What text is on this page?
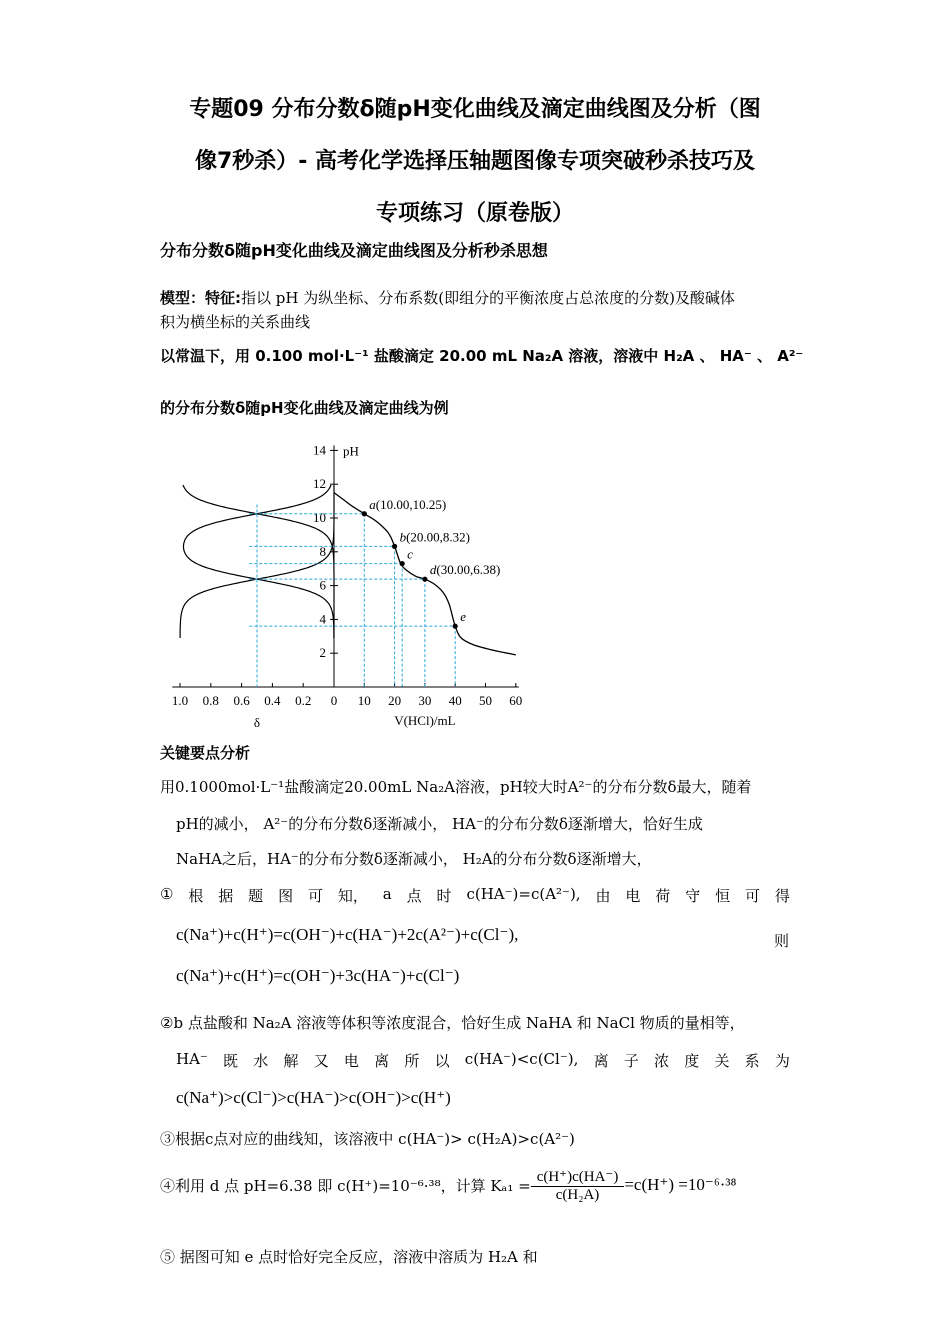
专题09 分布分数δ随pH变化曲线及滴定曲线图及分析（图
像7秒杀）- 高考化学选择压轴题图像专项突破秒杀技巧及
专项练习（原卷版）
分布分数δ随pH变化曲线及滴定曲线图及分析秒杀思想
模型：特征:指以 pH 为纵坐标、分布系数(即组分的平衡浓度占总浓度的分数)及酸碱体
积为横坐标的关系曲线
以常温下，用 0.100 mol·L⁻¹ 盐酸滴定 20.00 mL Na₂A 溶液，溶液中 H₂A 、 HA⁻ 、 A²⁻
的分布分数δ随pH变化曲线及滴定曲线为例
2
4
6
8
10
12
14 pH
1.0 0.8 0.6 0.4 0.2 0 10 20 30 40 50 60
δ	V(HCl)/mL
a(10.00,10.25)
b(20.00,8.32)
c
d(30.00,6.38)
e
关键要点分析
用0.1000mol·L⁻¹盐酸滴定20.00mL Na₂A溶液，pH较大时A²⁻的分布分数δ最大，随着
pH的减小， A²⁻的分布分数δ逐渐减小， HA⁻的分布分数δ逐渐增大，恰好生成
NaHA之后，HA⁻的分布分数δ逐渐减小， H₂A的分布分数δ逐渐增大，
① 根 据 题 图 可 知， a 点 时 c(HA⁻)=c(A²⁻), 由 电 荷 守 恒 可 得
c(Na⁺)+c(H⁺)=c(OH⁻)+c(HA⁻)+2c(A²⁻)+c(Cl⁻),	则
c(Na⁺)+c(H⁺)=c(OH⁻)+3c(HA⁻)+c(Cl⁻)
②b 点盐酸和 Na₂A 溶液等体积等浓度混合，恰好生成 NaHA 和 NaCl 物质的量相等，
HA⁻ 既 水 解 又 电 离 所 以 c(HA⁻)<c(Cl⁻), 离 子 浓 度 关 系 为
c(Na⁺)>c(Cl⁻)>c(HA⁻)>c(OH⁻)>c(H⁺)
③根据c点对应的曲线知，该溶液中 c(HA⁻)> c(H₂A)>c(A²⁻)
④利用 d 点 pH=6.38 即 c(H⁺)=10⁻⁶·³⁸，计算 $K_{a1} = \frac{c(H^+)c(HA^-)}{\text{c(H₂A)}} =c(H^+) =10^{-6}\cdot^{38}$
⑤ 据图可知 e 点时恰好完全反应，溶液中溶质为 H₂A 和
